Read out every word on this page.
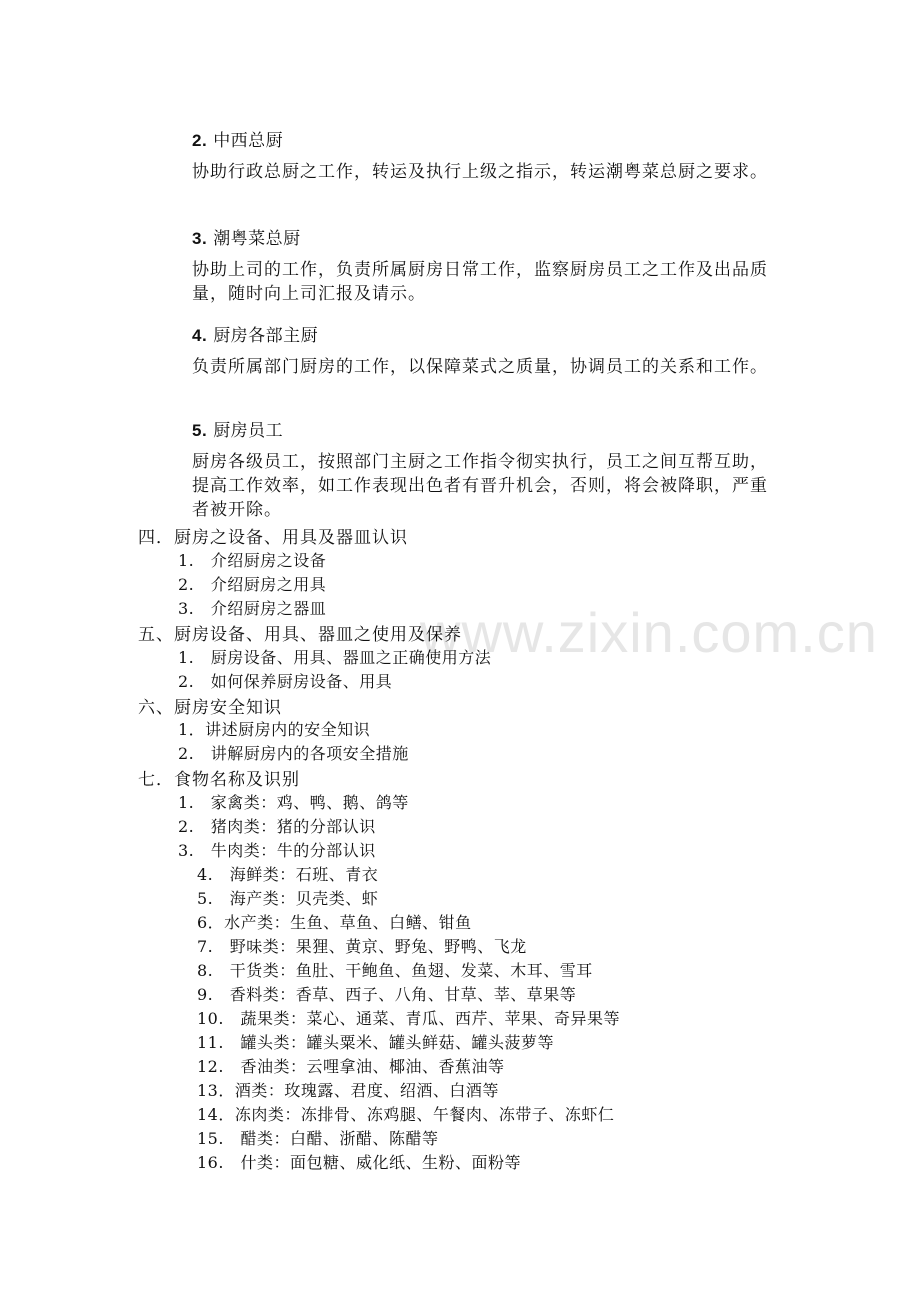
www.zixin.com.cn
2. 中西总厨
协助行政总厨之工作，转运及执行上级之指示，转运潮粤菜总厨之要求。
3. 潮粤菜总厨
协助上司的工作，负责所属厨房日常工作，监察厨房员工之工作及出品质量，随时向上司汇报及请示。
4. 厨房各部主厨
负责所属部门厨房的工作，以保障菜式之质量，协调员工的关系和工作。
5. 厨房员工
厨房各级员工，按照部门主厨之工作指令彻实执行，员工之间互帮互助，提高工作效率，如工作表现出色者有晋升机会，否则，将会被降职，严重者被开除。
四．厨房之设备、用具及器皿认识
1.　介绍厨房之设备
2.　介绍厨房之用具
3.　介绍厨房之器皿
五、厨房设备、用具、器皿之使用及保养
1.　厨房设备、用具、器皿之正确使用方法
2.　如何保养厨房设备、用具
六、厨房安全知识
1．讲述厨房内的安全知识
2.　讲解厨房内的各项安全措施
七．食物名称及识别
1.　家禽类：鸡、鸭、鹅、鸽等
2.　猪肉类：猪的分部认识
3.　牛肉类：牛的分部认识
4.　海鲜类：石班、青衣
5.　海产类：贝壳类、虾
6．水产类：生鱼、草鱼、白鳝、钳鱼
7.　野味类：果狸、黄京、野兔、野鸭、飞龙
8.　干货类：鱼肚、干鲍鱼、鱼翅、发菜、木耳、雪耳
9.　香料类：香草、西子、八角、甘草、莘、草果等
10.　蔬果类：菜心、通菜、青瓜、西芹、苹果、奇异果等
11.　罐头类：罐头粟米、罐头鲜菇、罐头菠萝等
12.　香油类：云哩拿油、椰油、香蕉油等
13．酒类：玫瑰露、君度、绍酒、白酒等
14．冻肉类：冻排骨、冻鸡腿、午餐肉、冻带子、冻虾仁
15.　醋类：白醋、浙醋、陈醋等
16.　什类：面包糖、威化纸、生粉、面粉等
